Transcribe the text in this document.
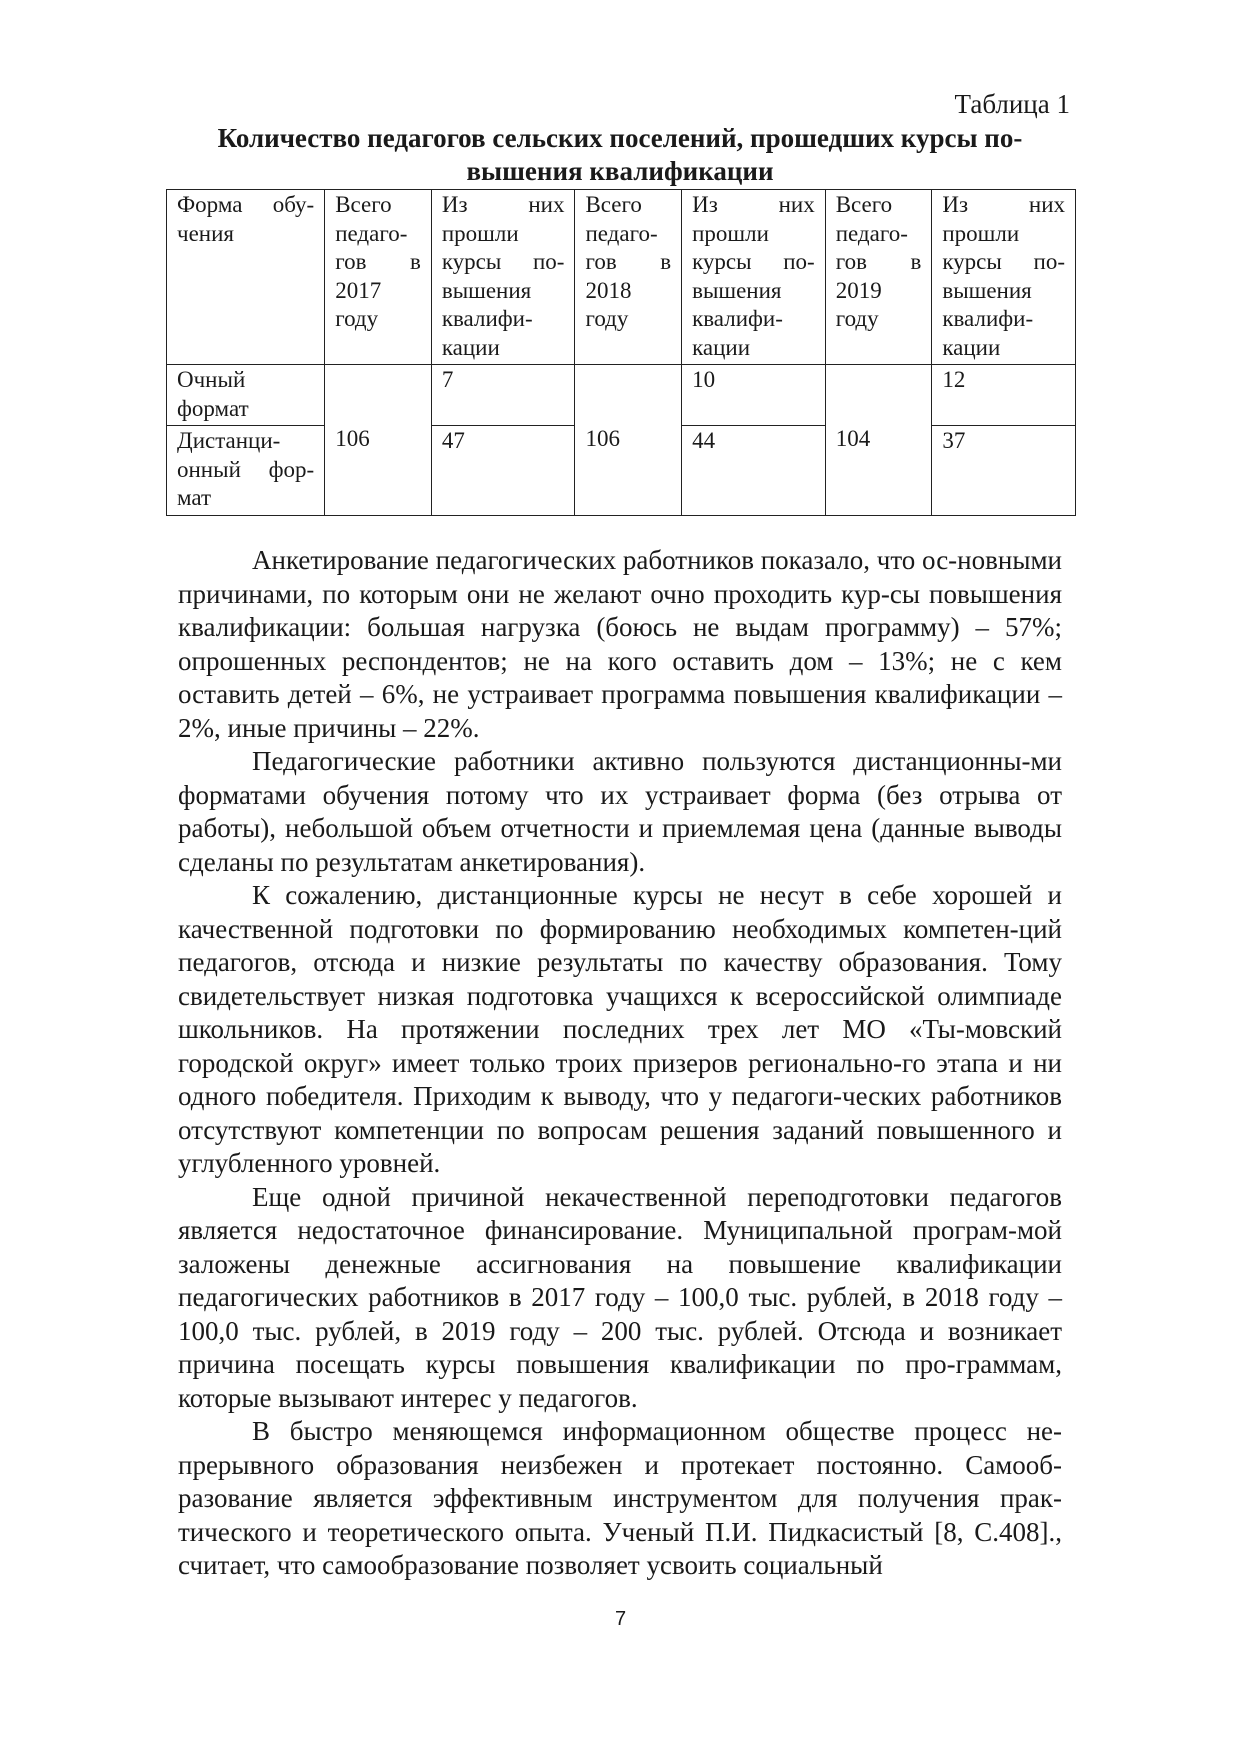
Таблица 1
Количество педагогов сельских поселений, прошедших курсы по-вышения квалификации
Форма обу-чения	Всего педаго-гов в 2017 году	Из них прошли курсы по-вышения квалифи-кации	Всего педаго-гов в 2018 году	Из них прошли курсы по-вышения квалифи-кации	Всего педаго-гов в 2019 году	Из них прошли курсы по-вышения квалифи-кации
Очный формат	106	7	106	10	104	12
Дистанци-онный фор-мат		47		44		37

Анкетирование педагогических работников показало, что ос-новными причинами, по которым они не желают очно проходить кур-сы повышения квалификации: большая нагрузка (боюсь не выдам программу) – 57%; опрошенных респондентов; не на кого оставить дом – 13%; не с кем оставить детей – 6%, не устраивает программа повышения квалификации – 2%, иные причины – 22%.

Педагогические работники активно пользуются дистанционны-ми форматами обучения потому что их устраивает форма (без отрыва от работы), небольшой объем отчетности и приемлемая цена (данные выводы сделаны по результатам анкетирования).

К сожалению, дистанционные курсы не несут в себе хорошей и качественной подготовки по формированию необходимых компетен-ций педагогов, отсюда и низкие результаты по качеству образования. Тому свидетельствует низкая подготовка учащихся к всероссийской олимпиаде школьников. На протяжении последних трех лет МО «Ты-мовский городской округ» имеет только троих призеров регионально-го этапа и ни одного победителя. Приходим к выводу, что у педагоги-ческих работников отсутствуют компетенции по вопросам решения заданий повышенного и углубленного уровней.

Еще одной причиной некачественной переподготовки педагогов является недостаточное финансирование. Муниципальной програм-мой заложены денежные ассигнования на повышение квалификации педагогических работников в 2017 году – 100,0 тыс. рублей, в 2018 году – 100,0 тыс. рублей, в 2019 году – 200 тыс. рублей. Отсюда и возникает причина посещать курсы повышения квалификации по про-граммам, которые вызывают интерес у педагогов.

В быстро меняющемся информационном обществе процесс не-прерывного образования неизбежен и протекает постоянно. Самооб-разование является эффективным инструментом для получения прак-тического и теоретического опыта. Ученый П.И. Пидкасистый [8, С.408]., считает, что самообразование позволяет усвоить социальный

7
